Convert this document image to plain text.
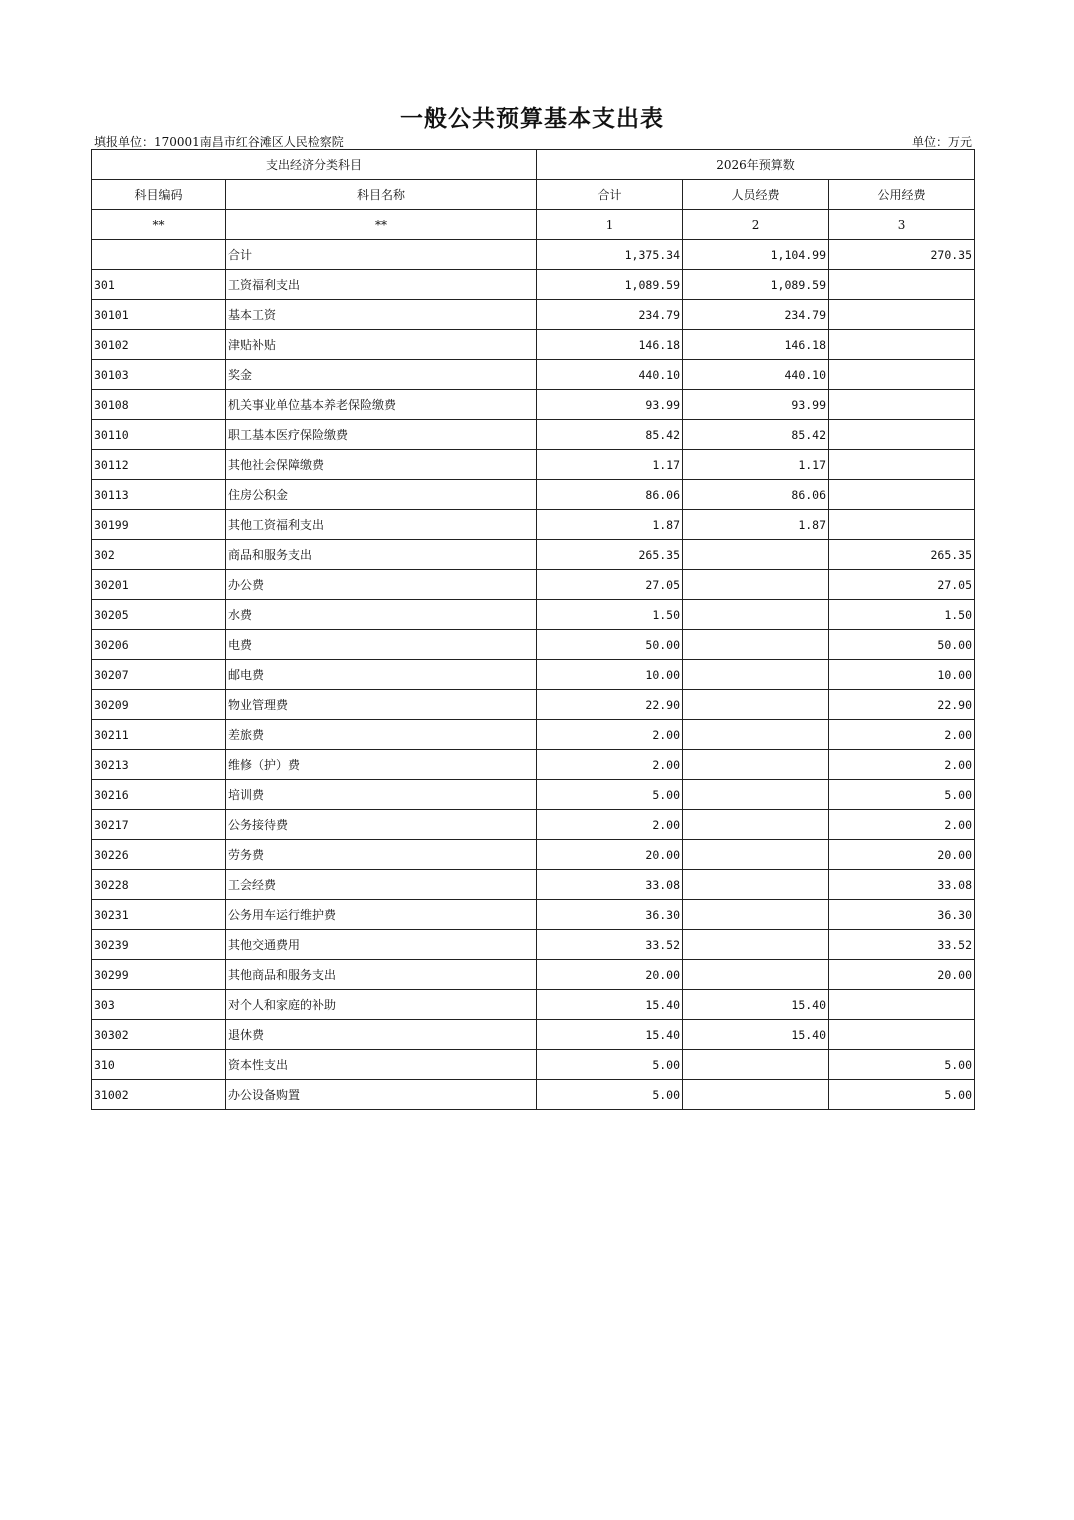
一般公共预算基本支出表
填报单位：170001南昌市红谷滩区人民检察院	单位：万元
支出经济分类科目		2026年预算数		
科目编码	科目名称	合计	人员经费	公用经费
**	**	1	2	3
	合计	1,375.34	1,104.99	270.35
301	工资福利支出	1,089.59	1,089.59	
30101	基本工资	234.79	234.79	
30102	津贴补贴	146.18	146.18	
30103	奖金	440.10	440.10	
30108	机关事业单位基本养老保险缴费	93.99	93.99	
30110	职工基本医疗保险缴费	85.42	85.42	
30112	其他社会保障缴费	1.17	1.17	
30113	住房公积金	86.06	86.06	
30199	其他工资福利支出	1.87	1.87	
302	商品和服务支出	265.35		265.35
30201	办公费	27.05		27.05
30205	水费	1.50		1.50
30206	电费	50.00		50.00
30207	邮电费	10.00		10.00
30209	物业管理费	22.90		22.90
30211	差旅费	2.00		2.00
30213	维修（护）费	2.00		2.00
30216	培训费	5.00		5.00
30217	公务接待费	2.00		2.00
30226	劳务费	20.00		20.00
30228	工会经费	33.08		33.08
30231	公务用车运行维护费	36.30		36.30
30239	其他交通费用	33.52		33.52
30299	其他商品和服务支出	20.00		20.00
303	对个人和家庭的补助	15.40	15.40	
30302	退休费	15.40	15.40	
310	资本性支出	5.00		5.00
31002	办公设备购置	5.00		5.00
